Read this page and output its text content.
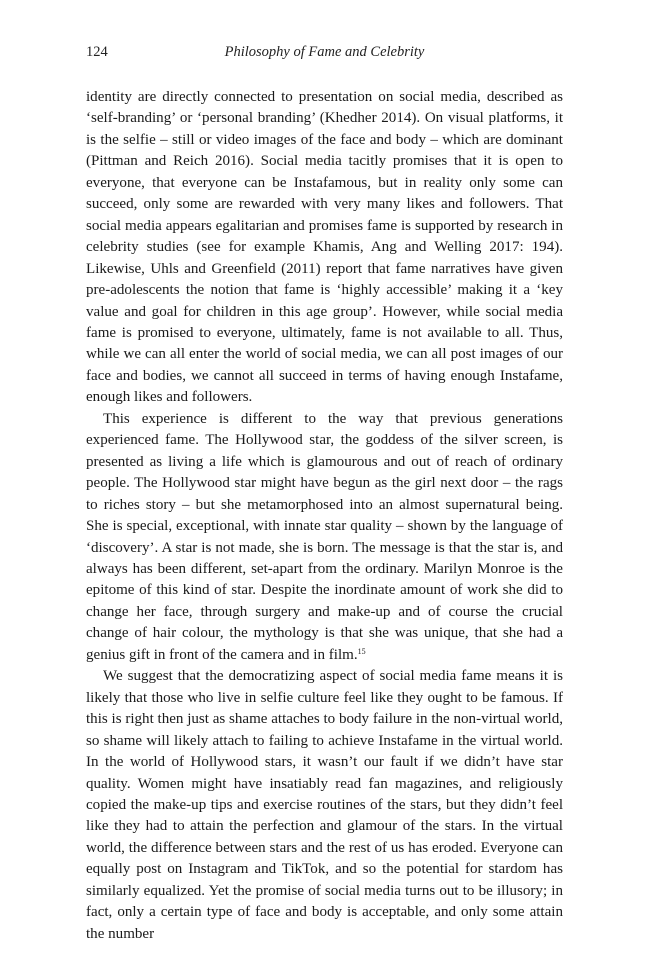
124	Philosophy of Fame and Celebrity

identity are directly connected to presentation on social media, described as ‘self-branding’ or ‘personal branding’ (Khedher 2014). On visual platforms, it is the selfie – still or video images of the face and body – which are dominant (Pittman and Reich 2016). Social media tacitly promises that it is open to everyone, that everyone can be Instafamous, but in reality only some can succeed, only some are rewarded with very many likes and followers. That social media appears egalitarian and promises fame is supported by research in celebrity studies (see for example Khamis, Ang and Welling 2017: 194). Likewise, Uhls and Greenfield (2011) report that fame narratives have given pre-adolescents the notion that fame is ‘highly accessible’ making it a ‘key value and goal for children in this age group’. However, while social media fame is promised to everyone, ultimately, fame is not available to all. Thus, while we can all enter the world of social media, we can all post images of our face and bodies, we cannot all succeed in terms of having enough Instafame, enough likes and followers.

This experience is different to the way that previous generations experienced fame. The Hollywood star, the goddess of the silver screen, is presented as living a life which is glamourous and out of reach of ordinary people. The Hollywood star might have begun as the girl next door – the rags to riches story – but she metamorphosed into an almost supernatural being. She is special, exceptional, with innate star quality – shown by the language of ‘discovery’. A star is not made, she is born. The message is that the star is, and always has been different, set-apart from the ordinary. Marilyn Monroe is the epitome of this kind of star. Despite the inordinate amount of work she did to change her face, through surgery and make-up and of course the crucial change of hair colour, the mythology is that she was unique, that she had a genius gift in front of the camera and in film.$^{15}$

We suggest that the democratizing aspect of social media fame means it is likely that those who live in selfie culture feel like they ought to be famous. If this is right then just as shame attaches to body failure in the non-virtual world, so shame will likely attach to failing to achieve Instafame in the virtual world. In the world of Hollywood stars, it wasn’t our fault if we didn’t have star quality. Women might have insatiably read fan magazines, and religiously copied the make-up tips and exercise routines of the stars, but they didn’t feel like they had to attain the perfection and glamour of the stars. In the virtual world, the difference between stars and the rest of us has eroded. Everyone can equally post on Instagram and TikTok, and so the potential for stardom has similarly equalized. Yet the promise of social media turns out to be illusory; in fact, only a certain type of face and body is acceptable, and only some attain the number
